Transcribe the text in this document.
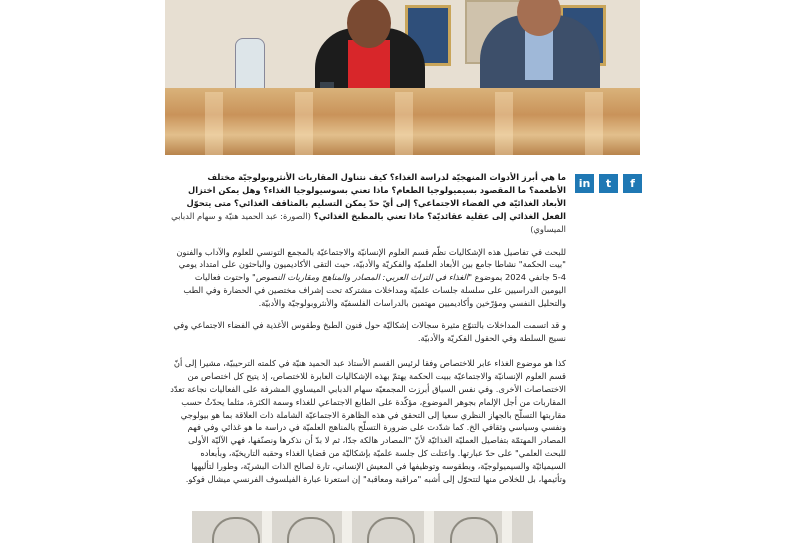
in t f

ما هي أبرز الأدوات المنهجيّة لدراسة الغذاء؟ كيف نتناول المقاربات الأنثروبولوجيّة مختلف الأطعمة؟ ما المقصود بسيميولوجيا الطعام؟ ماذا تعني بسوسيولوجيا الغذاء؟ وهل يمكن اختزال الأبعاد الغذائيّة في الفضاء الاجتماعي؟ إلى أيّ حدّ يمكن التسليم بالمثاقف الغذائي؟ متى يتحوّل الفعل الغذائي إلى عقلية عقائديّة؟ ماذا تعني بالمطبخ الغذائي؟ (الصورة: عبد الحميد هنيّة و سهام الدبابي الميساوي)

للبحث في تفاصيل هذه الإشكاليات نظّم قسم العلوم الإنسانيّة والاجتماعيّة بالمجمع التونسي للعلوم والآداب والفنون "بيت الحكمة" نشاطا جامع بين الأبعاد العلميّة والفكريّة والأدبيّة، حيث التقى الأكاديميون والباحثون على امتداد يومي 4-5 جانفي 2024 بموضوع "الغذاء في التراث العربي: المصادر والمناهج ومقاربات النصوص" واحتوت فعاليات اليومين الدراسيين على سلسلة جلسات علميّة ومداخلات مشتركة تحت إشراف مختصين في الحضارة وفي الطب والتحليل النفسي ومؤرّخين وأكاديميين مهتمين بالدراسات الفلسفيّة والأنثروبولوجيّة والأدبيّة.

و قد اتسمت المداخلات بالتنوّع مثيرة سجالات إشكاليّة حول فنون الطبخ وطقوس الأغذية في الفضاء الاجتماعي وفي نسيج السلطة وفي الحقول الفكريّة والأدبيّة.

كذا هو موضوع الغذاء عابر للاختصاص وفقا لرئيس القسم الأستاذ عبد الحميد هنيّة في كلمته الترحيبيّة، مشيرا إلى أنّ قسم العلوم الإنسانيّة والاجتماعيّة ببيت الحكمة يهتمّ بهذه الإشكاليات العابرة للاختصاص، إذ يتيح كل اختصاص من الاختصاصات الأخرى. وفي نفس السياق أبرزت المجمعيّة سهام الدبابي الميساوي المشرفة على الفعاليات نجاعة تعدّد المقاربات من أجل الإلمام بجوهر الموضوع، مؤكّدة على الطابع الاجتماعي للغذاء وسمة الكثرة، مثلما يحدّثُ حسب مقاربتها التسلّح بالجهاز النظري سعيا إلى التحقق في هذه الظاهرة الاجتماعيّة الشاملة ذات العلاقة بما هو بيولوجي ونفسي وسياسي وثقافي الخ. كما شدّدت على ضرورة التسلّح بالمناهج العلميّة في دراسة ما هو غذائي وفي فهم المصادر المهتمّة بتفاصيل العمليّة الغذائيّة لأنّ "المصادر هالكة جدّا، ثم لا بدّ أن نذكرها ونصنّفها، فهي الآليّة الأولى للبحث العلمي" على حدّ عبارتها. واعتلت كل جلسة علميّة بإشكاليّة من قضايا الغذاء وحقبه التاريخيّة، وبأبعاده السيميائيّة والسيميولوجيّة، وبطقوسه وتوظيفها في المعيش الإنساني، تارة لصالح الذات البشريّة، وطورا لتأليهها وتأثيمها، بل للخلاص منها لتتحوّل إلى أشبه "مراقبة ومعاقبة" إن استعرنا عبارة الفيلسوف الفرنسي ميشال فوكو.
